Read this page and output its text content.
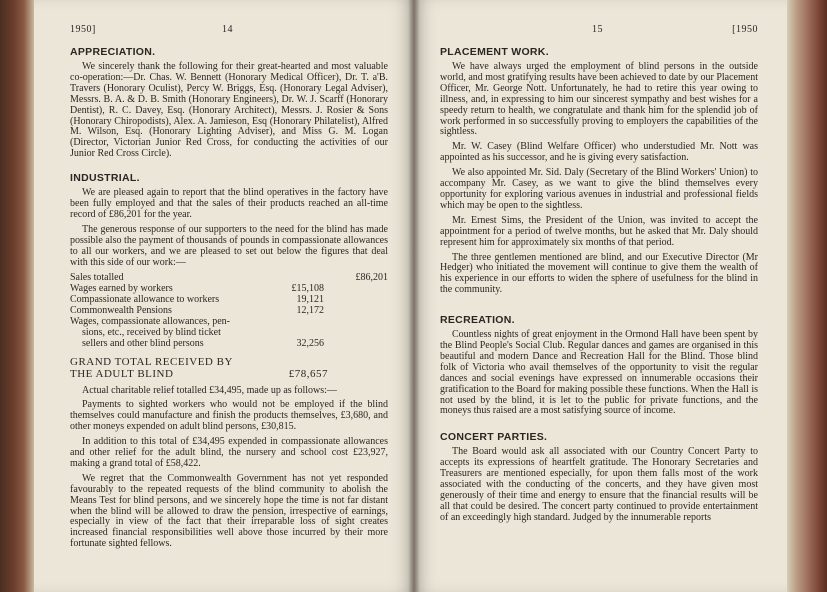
1950]	14
APPRECIATION.

We sincerely thank the following for their great-hearted and most valuable co-operation:—Dr. Chas. W. Bennett (Honorary Medical Officer), Dr. T. a'B. Travers (Honorary Oculist), Percy W. Briggs, Esq. (Honorary Legal Adviser), Messrs. B. A. & D. B. Smith (Honorary Engineers), Dr. W. J. Scarff (Honorary Dentist), R. C. Davey, Esq. (Honorary Architect), Messrs. J. Rosier & Sons (Honorary Chiropodists), Alex. A. Jamieson, Esq (Honorary Philatelist), Alfred M. Wilson, Esq. (Honorary Lighting Adviser), and Miss G. M. Logan (Director, Victorian Junior Red Cross, for conducting the activities of our Junior Red Cross Circle).

INDUSTRIAL.

We are pleased again to report that the blind operatives in the factory have been fully employed and that the sales of their products reached an all-time record of £86,201 for the year.

The generous response of our supporters to the need for the blind has made possible also the payment of thousands of pounds in compassionate allowances to all our workers, and we are pleased to set out below the figures that deal with this side of our work:—

Sales totalled	£86,201
Wages earned by workers	£15,108
Compassionate allowance to workers	19,121
Commonwealth Pensions	12,172
Wages, compassionate allowances, pen-
sions, etc., received by blind ticket
sellers and other blind persons	32,256
GRAND TOTAL RECEIVED BY
THE ADULT BLIND	£78,657

Actual charitable relief totalled £34,495, made up as follows:—

Payments to sighted workers who would not be employed if the blind themselves could manufacture and finish the products themselves, £3,680, and other moneys expended on adult blind persons, £30,815.

In addition to this total of £34,495 expended in compassionate allowances and other relief for the adult blind, the nursery and school cost £23,927, making a grand total of £58,422.

We regret that the Commonwealth Government has not yet responded favourably to the repeated requests of the blind community to abolish the Means Test for blind persons, and we sincerely hope the time is not far distant when the blind will be allowed to draw the pension, irrespective of earnings, especially in view of the fact that their irreparable loss of sight creates increased financial responsibilities well above those incurred by their more fortunate sighted fellows.

15	[1950
PLACEMENT WORK.

We have always urged the employment of blind persons in the outside world, and most gratifying results have been achieved to date by our Placement Officer, Mr. George Nott. Unfortunately, he had to retire this year owing to illness, and, in expressing to him our sincerest sympathy and best wishes for a speedy return to health, we congratulate and thank him for the splendid job of work performed in so successfully proving to employers the capabilities of the sightless.

Mr. W. Casey (Blind Welfare Officer) who understudied Mr. Nott was appointed as his successor, and he is giving every satisfaction.

We also appointed Mr. Sid. Daly (Secretary of the Blind Workers' Union) to accompany Mr. Casey, as we want to give the blind themselves every opportunity for exploring various avenues in industrial and professional fields which may be open to the sightless.

Mr. Ernest Sims, the President of the Union, was invited to accept the appointment for a period of twelve months, but he asked that Mr. Daly should represent him for approximately six months of that period.

The three gentlemen mentioned are blind, and our Executive Director (Mr Hedger) who initiated the movement will continue to give them the wealth of his experience in our efforts to widen the sphere of usefulness for the blind in the community.

RECREATION.

Countless nights of great enjoyment in the Ormond Hall have been spent by the Blind People's Social Club. Regular dances and games are organised in this beautiful and modern Dance and Recreation Hall for the Blind. Those blind folk of Victoria who avail themselves of the opportunity to visit the regular dances and social evenings have expressed on innumerable occasions their gratification to the Board for making possible these functions. When the Hall is not used by the blind, it is let to the public for private functions, and the moneys thus raised are a most satisfying source of income.

CONCERT PARTIES.

The Board would ask all associated with our Country Concert Party to accepts its expressions of heartfelt gratitude. The Honorary Secretaries and Treasurers are mentioned especially, for upon them falls most of the work associated with the conducting of the concerts, and they have given most generously of their time and energy to ensure that the financial results will be all that could be desired. The concert party continued to provide entertainment of an exceedingly high standard. Judged by the innumerable reports
